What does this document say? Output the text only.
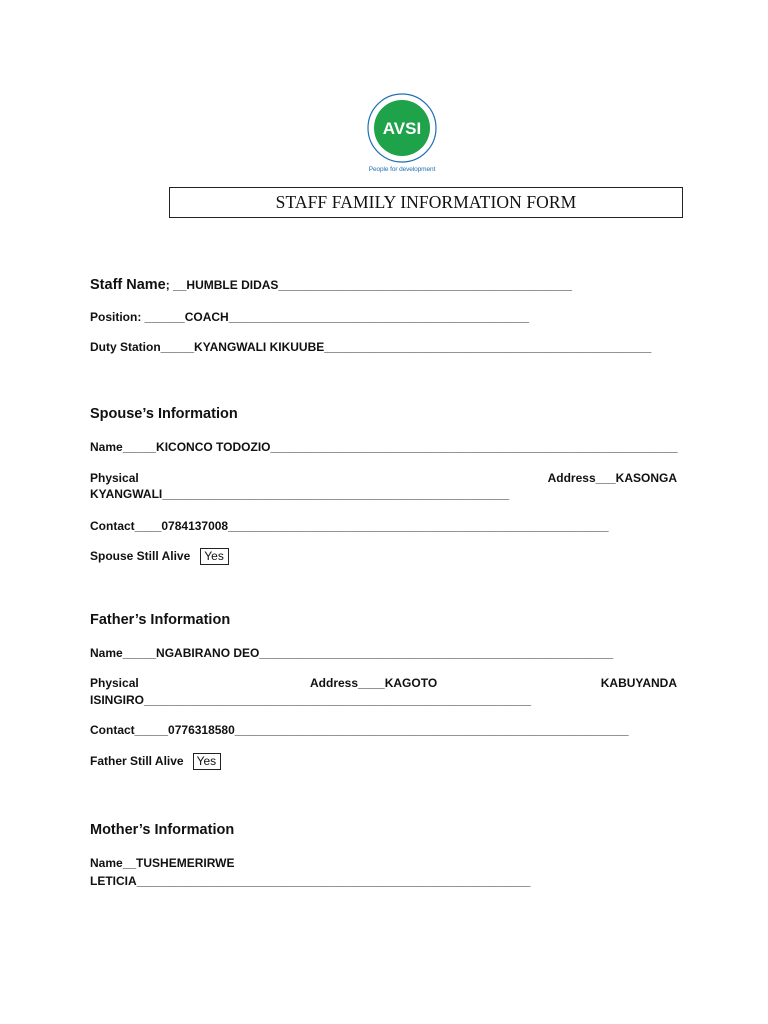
AVSI
People for development
STAFF FAMILY INFORMATION FORM
Staff Name; __HUMBLE DIDAS____________________________________________
Position: ______COACH_____________________________________________
Duty Station_____KYANGWALI KIKUUBE_________________________________________________
Spouse’s Information
Name_____KICONCO TODOZIO_____________________________________________________________
Physical	Address___KASONGA
KYANGWALI____________________________________________________
Contact____0784137008_________________________________________________________
Spouse Still Alive Yes
Father’s Information
Name_____NGABIRANO DEO_____________________________________________________
Physical	Address____KAGOTO	KABUYANDA
ISINGIRO__________________________________________________________
Contact_____0776318580___________________________________________________________
Father Still Alive Yes
Mother’s Information
Name__TUSHEMERIRWE
LETICIA___________________________________________________________
